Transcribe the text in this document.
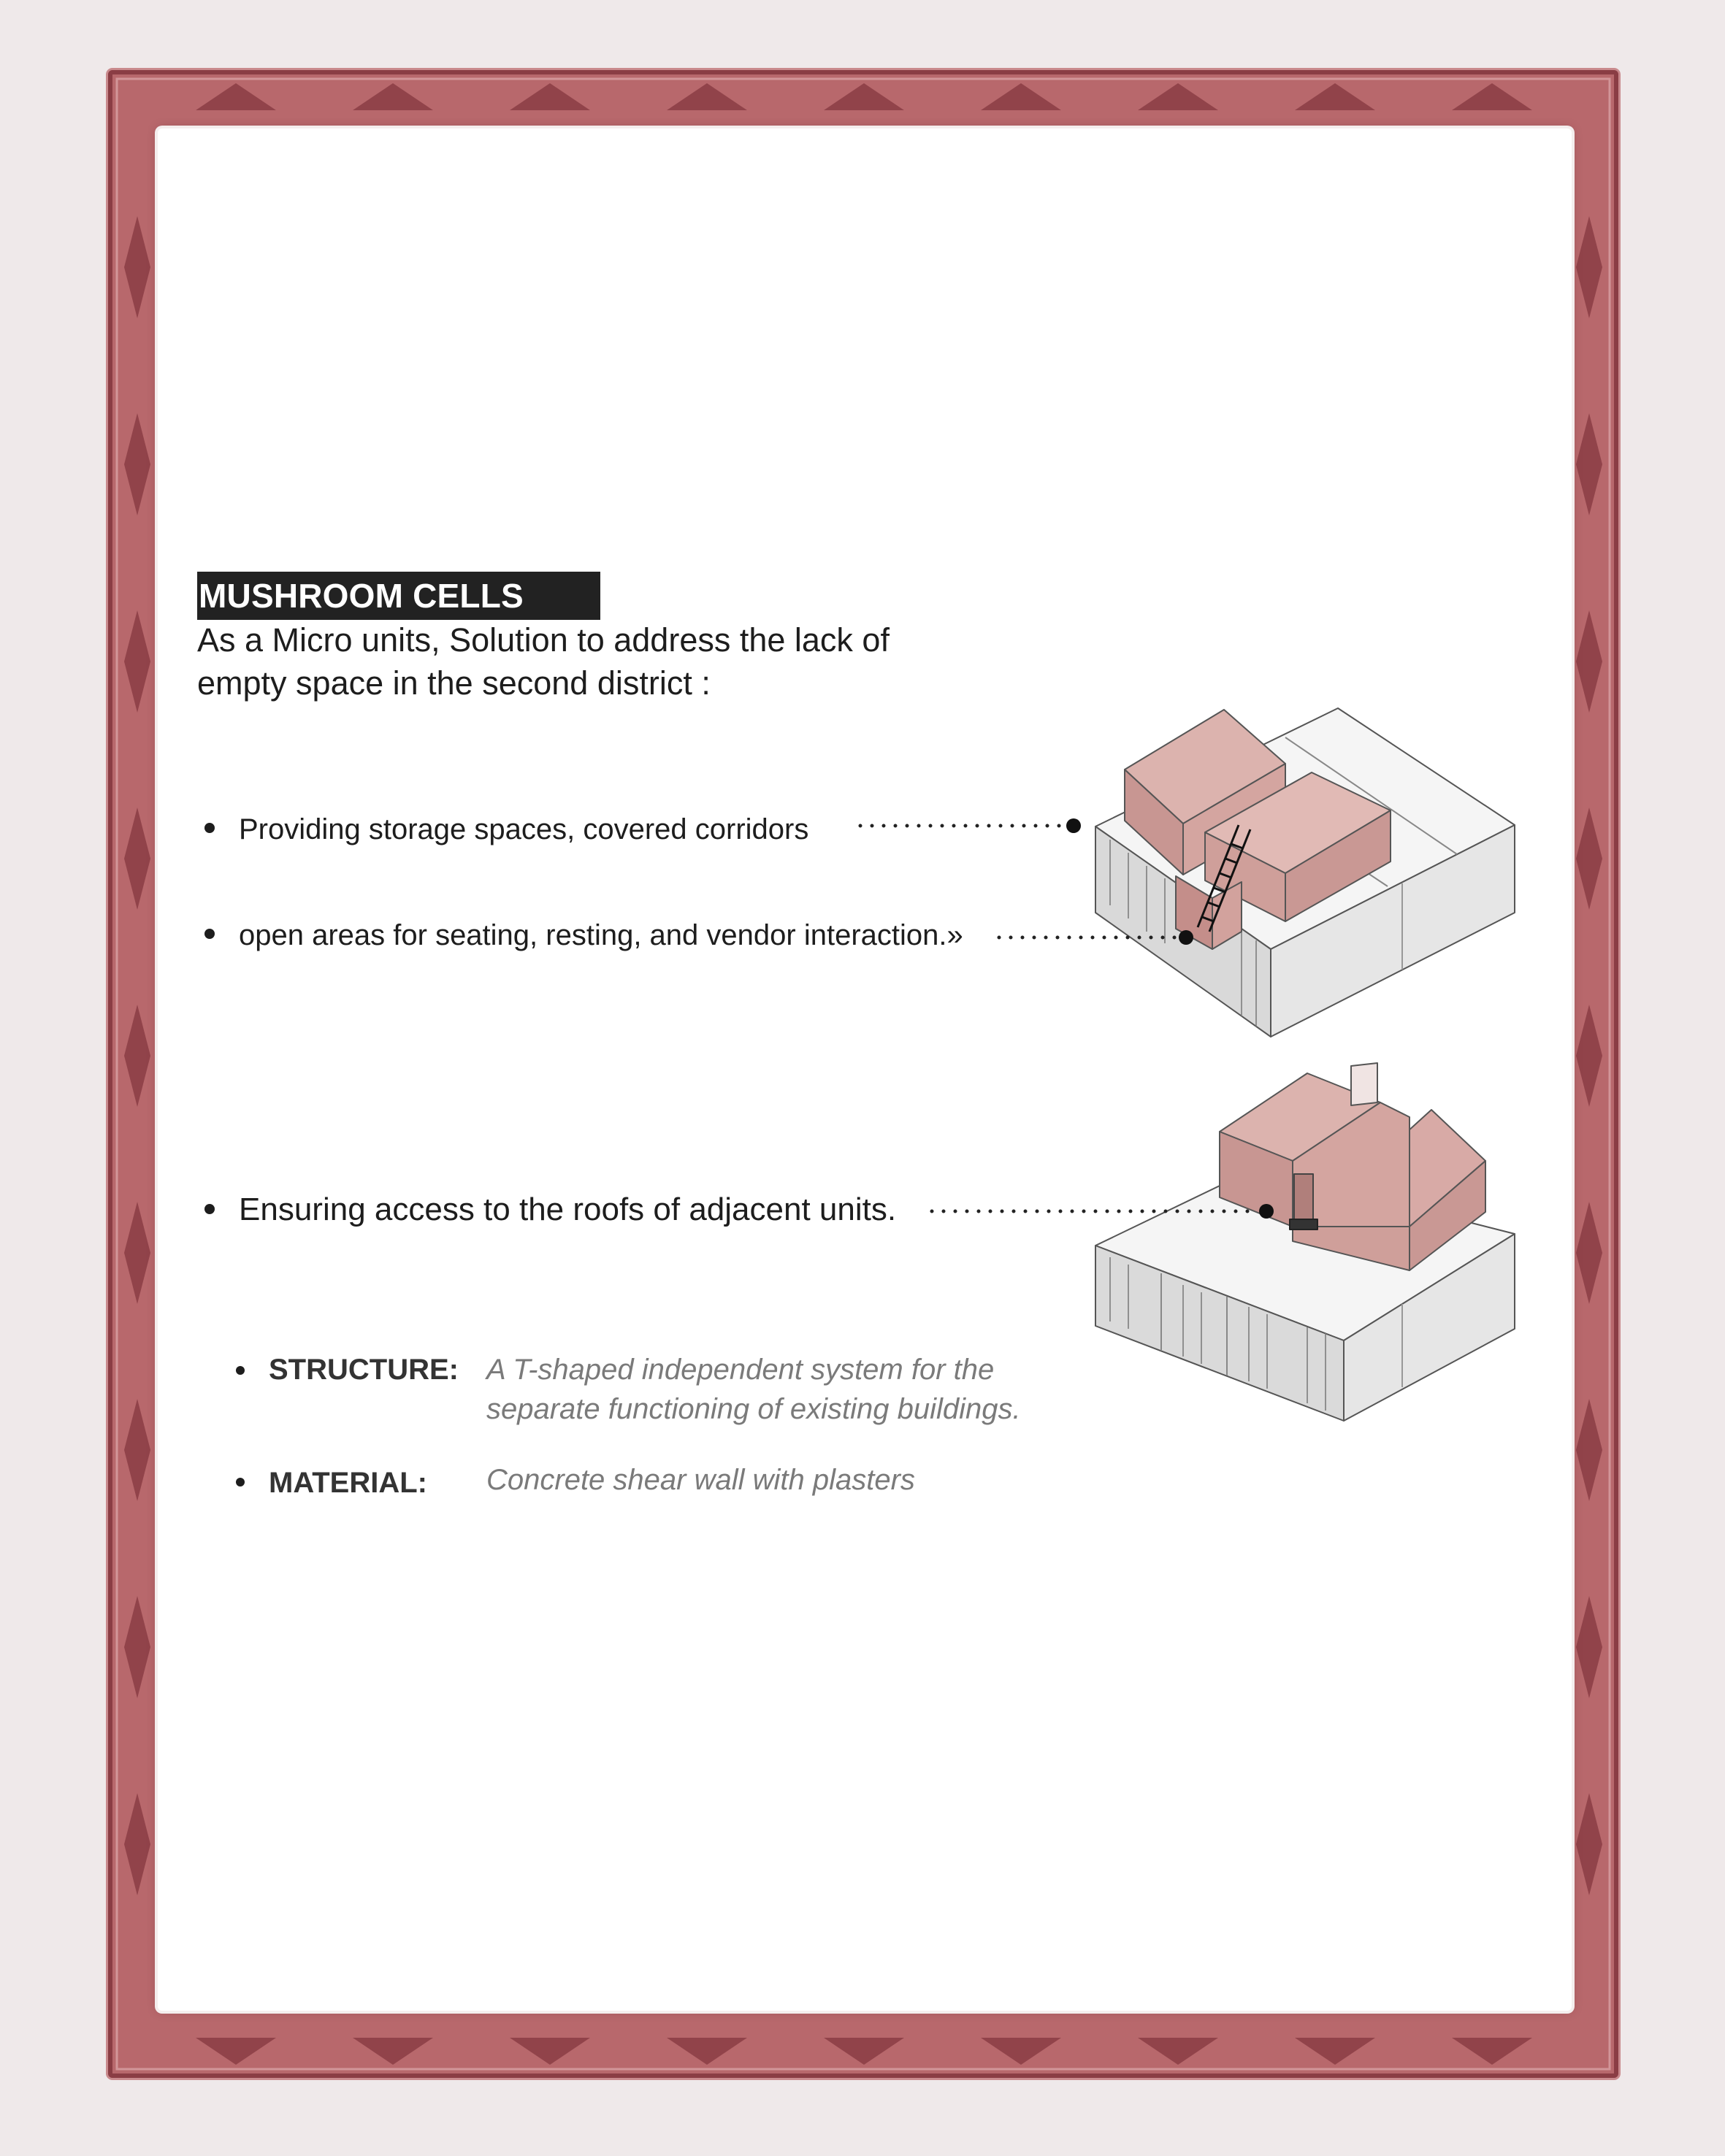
MUSHROOM CELLS
As a Micro units, Solution to address the lack of
empty space in the second district :
Providing storage spaces, covered corridors
open areas for seating, resting, and vendor interaction.»
Ensuring access to the roofs of adjacent units.
STRUCTURE: A T-shaped independent system for the
separate functioning of existing buildings.
MATERIAL: Concrete shear wall with plasters
